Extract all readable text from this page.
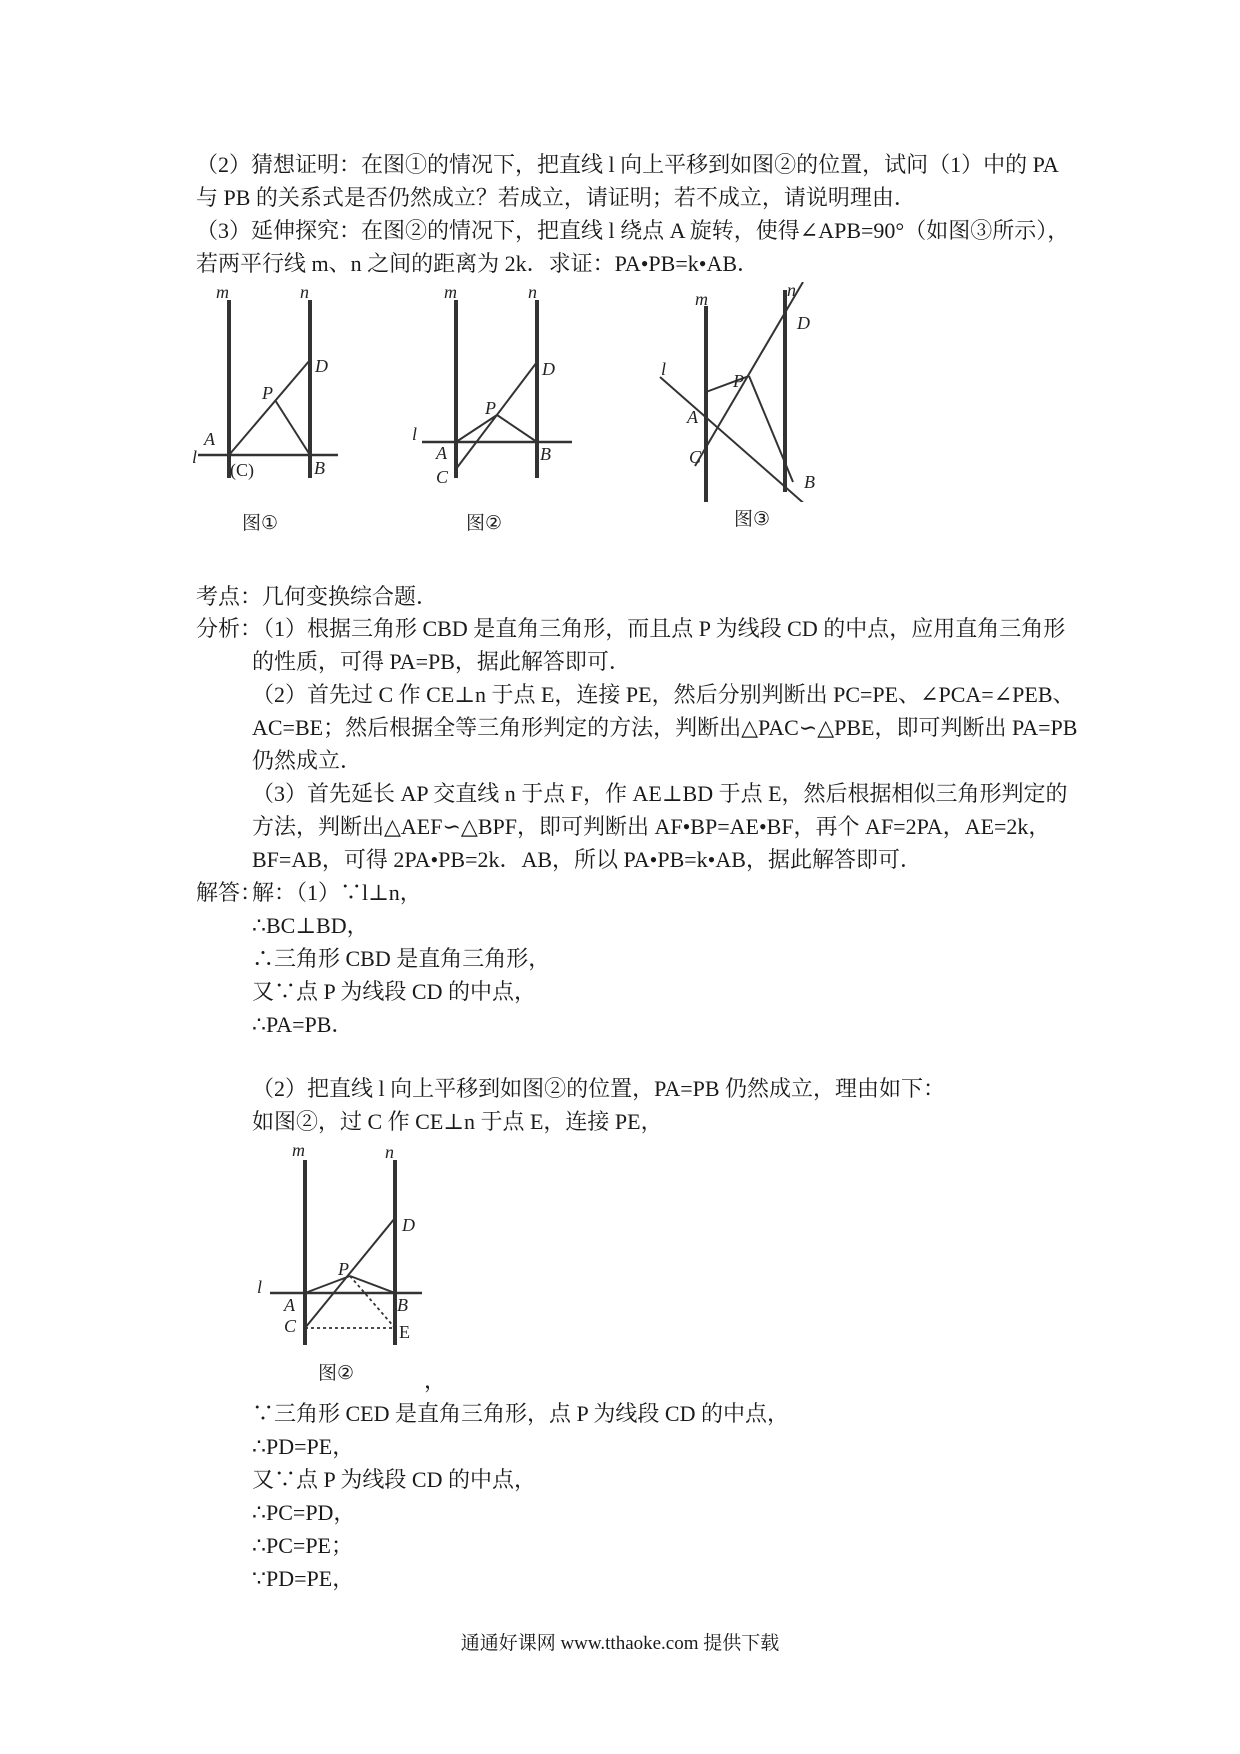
（2）猜想证明：在图①的情况下，把直线 l 向上平移到如图②的位置，试问（1）中的 PA
与 PB 的关系式是否仍然成立？若成立，请证明；若不成立，请说明理由．
（3）延伸探究：在图②的情况下，把直线 l 绕点 A 旋转，使得∠APB=90°（如图③所示），
若两平行线 m、n 之间的距离为 2k．求证：PA•PB=k•AB．
m	n
D
P
A
l
(C)	B
图①
m	n
D
P
l
A	B
C
图②
m	n
D
P
l
A
C
B
图③
考点：几何变换综合题．
分析：
（1）根据三角形 CBD 是直角三角形，而且点 P 为线段 CD 的中点，应用直角三角形
的性质，可得 PA=PB，据此解答即可．
（2）首先过 C 作 CE⊥n 于点 E，连接 PE，然后分别判断出 PC=PE、∠PCA=∠PEB、
AC=BE；然后根据全等三角形判定的方法，判断出△PAC∽△PBE，即可判断出 PA=PB
仍然成立．
（3）首先延长 AP 交直线 n 于点 F，作 AE⊥BD 于点 E，然后根据相似三角形判定的
方法，判断出△AEF∽△BPF，即可判断出 AF•BP=AE•BF，再个 AF=2PA，AE=2k，
BF=AB，可得 2PA•PB=2k．AB，所以 PA•PB=k•AB，据此解答即可．
解答：
解：（1）∵l⊥n，
∴BC⊥BD，
∴三角形 CBD 是直角三角形，
又∵点 P 为线段 CD 的中点，
∴PA=PB．
（2）把直线 l 向上平移到如图②的位置，PA=PB 仍然成立，理由如下：
如图②，过 C 作 CE⊥n 于点 E，连接 PE，
m	n
D
P
l
A	B
C	E
图②	，
∵三角形 CED 是直角三角形，点 P 为线段 CD 的中点，
∴PD=PE，
又∵点 P 为线段 CD 的中点，
∴PC=PD，
∴PC=PE；
∵PD=PE，
通通好课网 www.tthaoke.com 提供下载
